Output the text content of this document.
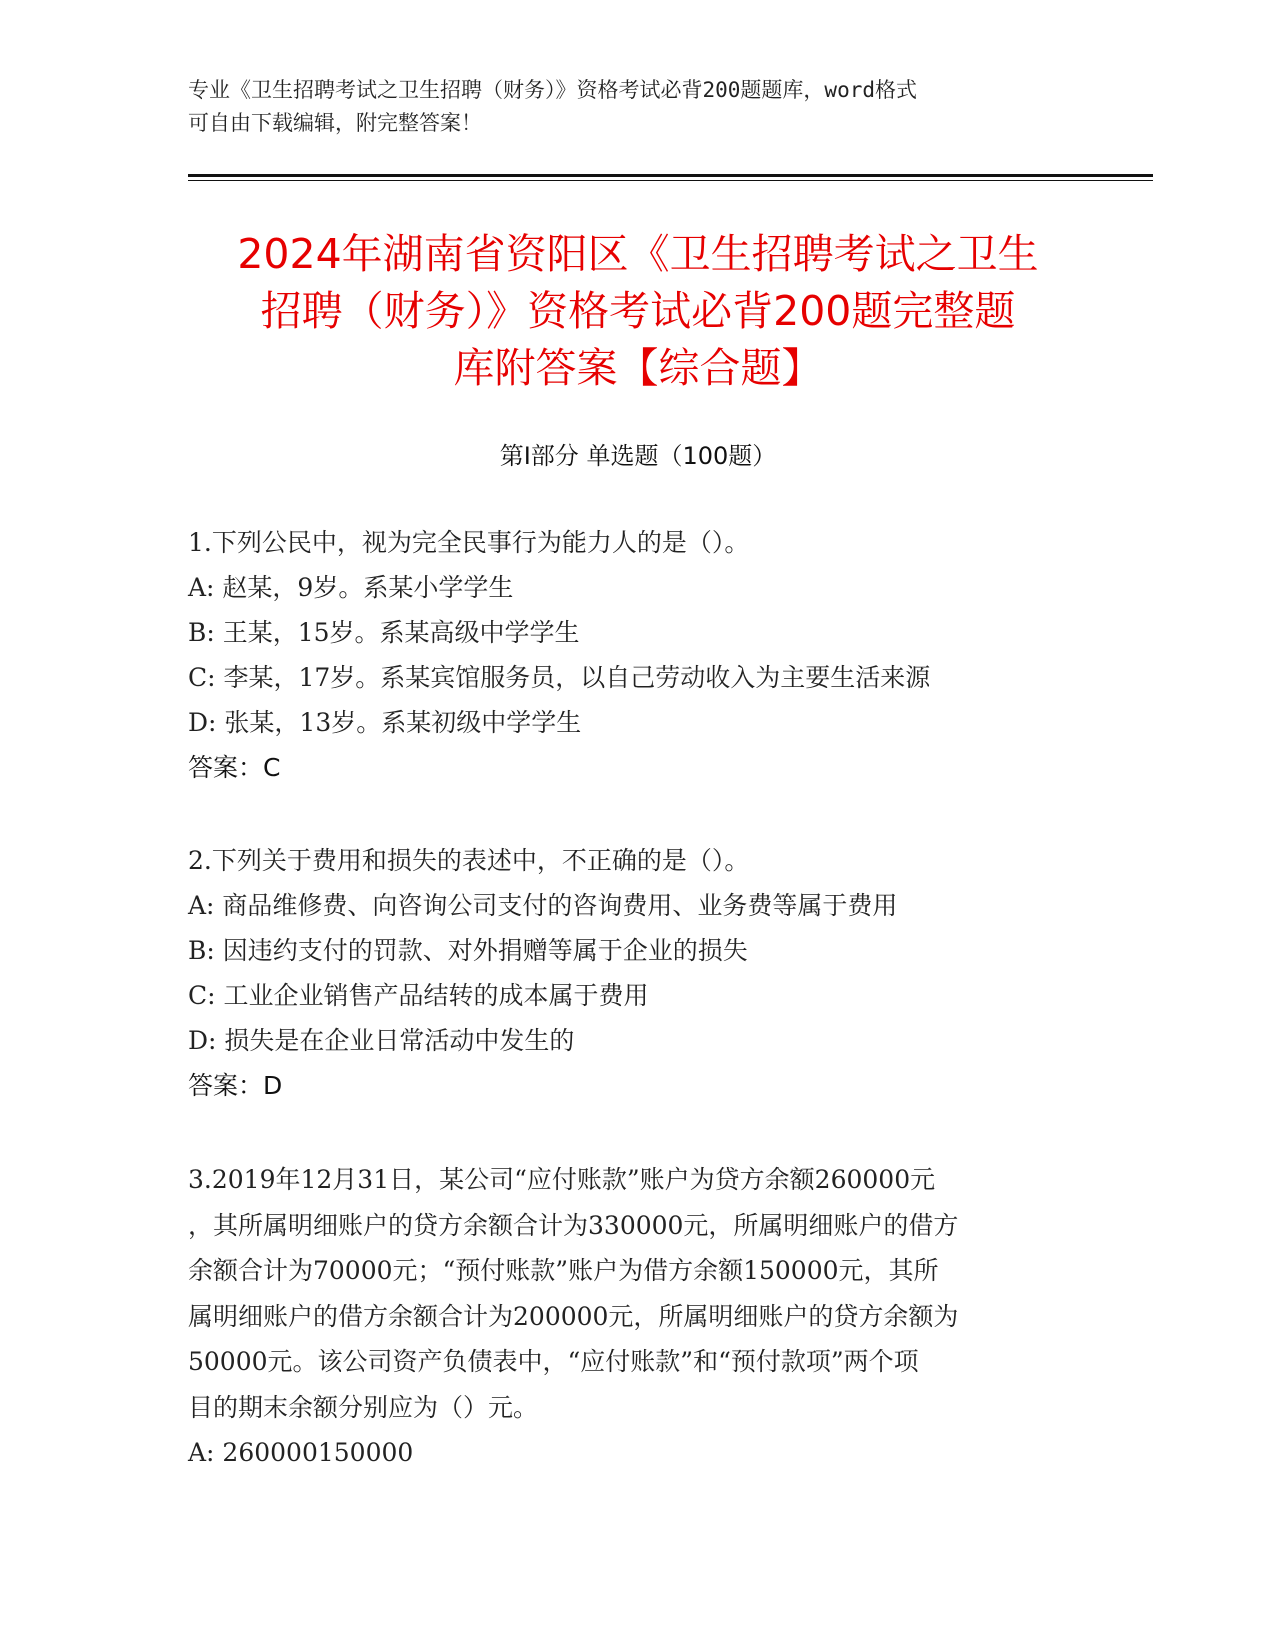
专业《卫生招聘考试之卫生招聘（财务）》资格考试必背200题题库，word格式
可自由下载编辑，附完整答案！
2024年湖南省资阳区《卫生招聘考试之卫生
招聘（财务）》资格考试必背200题完整题
库附答案【综合题】
第Ⅰ部分 单选题（100题）
1.下列公民中，视为完全民事行为能力人的是（）。
A: 赵某，9岁。系某小学学生
B: 王某，15岁。系某高级中学学生
C: 李某，17岁。系某宾馆服务员，以自己劳动收入为主要生活来源
D: 张某，13岁。系某初级中学学生
答案：C
2.下列关于费用和损失的表述中，不正确的是（）。
A: 商品维修费、向咨询公司支付的咨询费用、业务费等属于费用
B: 因违约支付的罚款、对外捐赠等属于企业的损失
C: 工业企业销售产品结转的成本属于费用
D: 损失是在企业日常活动中发生的
答案：D
3.2019年12月31日，某公司“应付账款”账户为贷方余额260000元
，其所属明细账户的贷方余额合计为330000元，所属明细账户的借方
余额合计为70000元；“预付账款”账户为借方余额150000元，其所
属明细账户的借方余额合计为200000元，所属明细账户的贷方余额为
50000元。该公司资产负债表中，“应付账款”和“预付款项”两个项
目的期末余额分别应为（）元。
A: 260000150000
